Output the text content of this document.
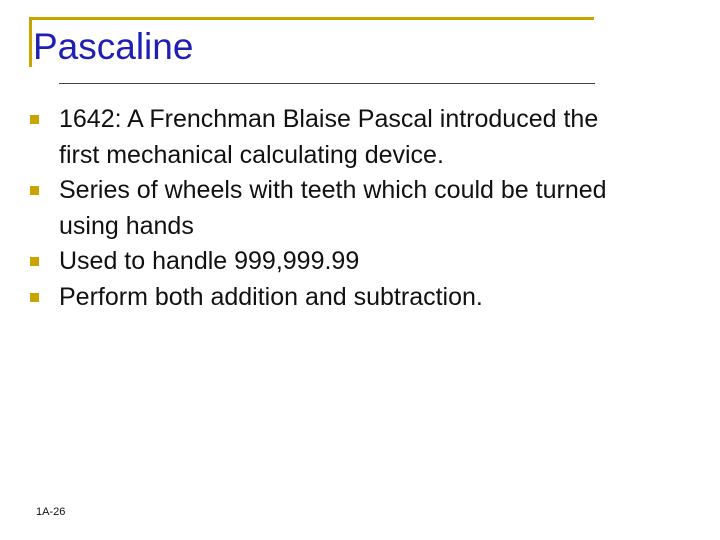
Pascaline
1642: A Frenchman Blaise Pascal introduced the first mechanical calculating device.
Series of wheels with teeth which could be turned using hands
Used to handle 999,999.99
Perform both addition and subtraction.
1A-26
